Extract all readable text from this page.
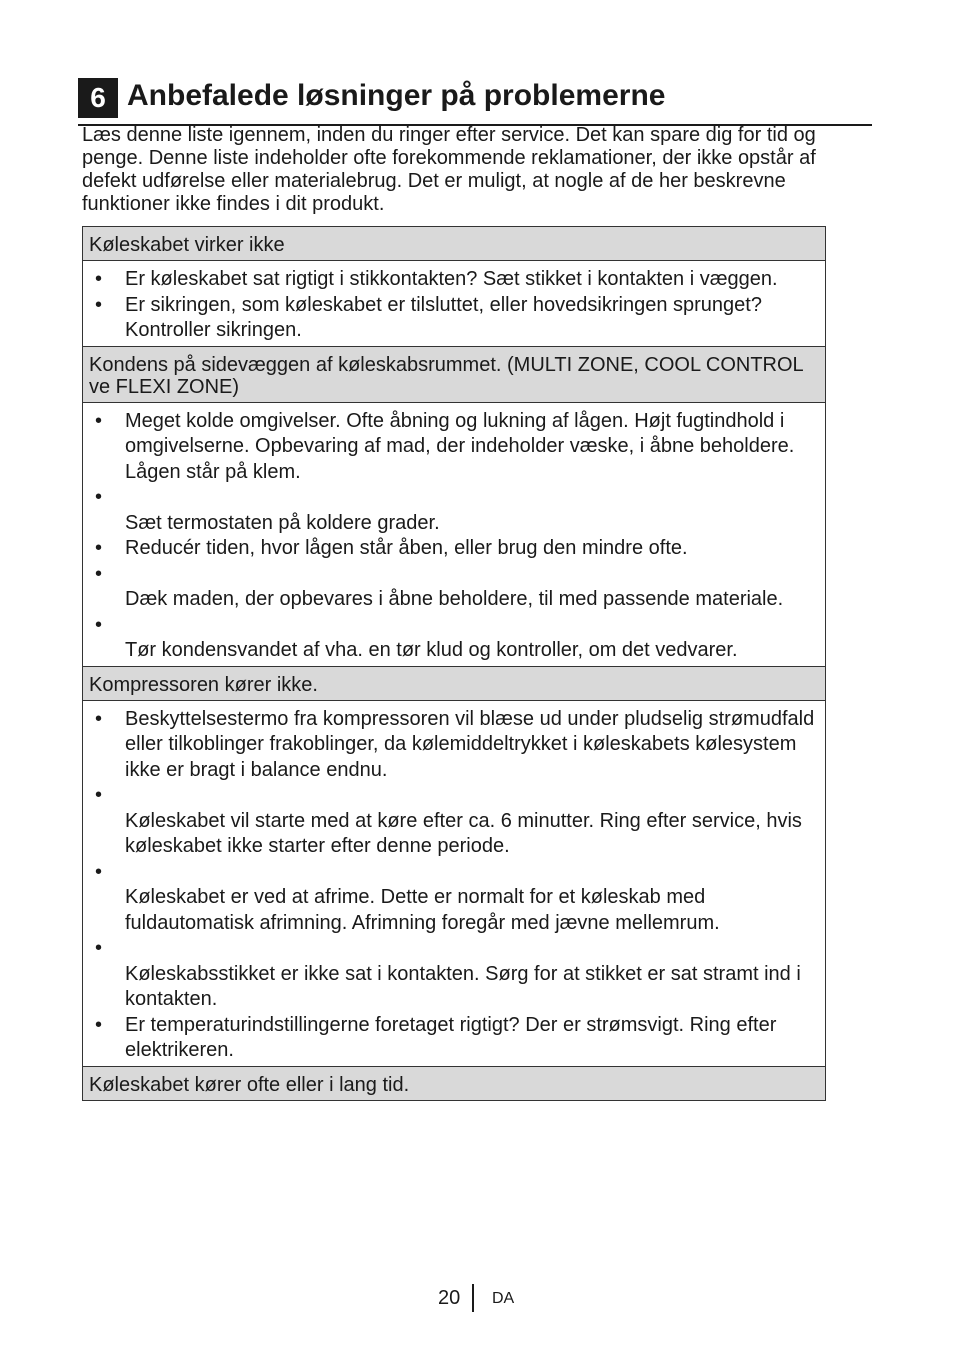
6 Anbefalede løsninger på problemerne
Læs denne liste igennem, inden du ringer efter service. Det kan spare dig for tid og penge. Denne liste indeholder ofte forekommende reklamationer, der ikke opstår af defekt udførelse eller materialebrug. Det er muligt, at nogle af de her beskrevne funktioner ikke findes i dit produkt.
Køleskabet virker ikke

• Er køleskabet sat rigtigt i stikkontakten? Sæt stikket i kontakten i væggen.
• Er sikringen, som køleskabet er tilsluttet, eller hovedsikringen sprunget? Kontroller sikringen.

Kondens på sidevæggen af køleskabsrummet. (MULTI ZONE, COOL CONTROL ve FLEXI ZONE)

• Meget kolde omgivelser. Ofte åbning og lukning af lågen. Højt fugtindhold i omgivelserne. Opbevaring af mad, der indeholder væske, i åbne beholdere. Lågen står på klem.
•
Sæt termostaten på koldere grader.
• Reducér tiden, hvor lågen står åben, eller brug den mindre ofte.
•
Dæk maden, der opbevares i åbne beholdere, til med passende materiale.
•
Tør kondensvandet af vha. en tør klud og kontroller, om det vedvarer.

Kompressoren kører ikke.

• Beskyttelsestermo fra kompressoren vil blæse ud under pludselig strømudfald eller tilkoblinger frakoblinger, da kølemiddeltrykket i køleskabets kølesystem ikke er bragt i balance endnu.
•
Køleskabet vil starte med at køre efter ca. 6 minutter. Ring efter service, hvis køleskabet ikke starter efter denne periode.
•
Køleskabet er ved at afrime. Dette er normalt for et køleskab med fuldautomatisk afrimning. Afrimning foregår med jævne mellemrum.
•
Køleskabsstikket er ikke sat i kontakten. Sørg for at stikket er sat stramt ind i kontakten.
• Er temperaturindstillingerne foretaget rigtigt? Der er strømsvigt. Ring efter elektrikeren.

Køleskabet kører ofte eller i lang tid.
20 DA
